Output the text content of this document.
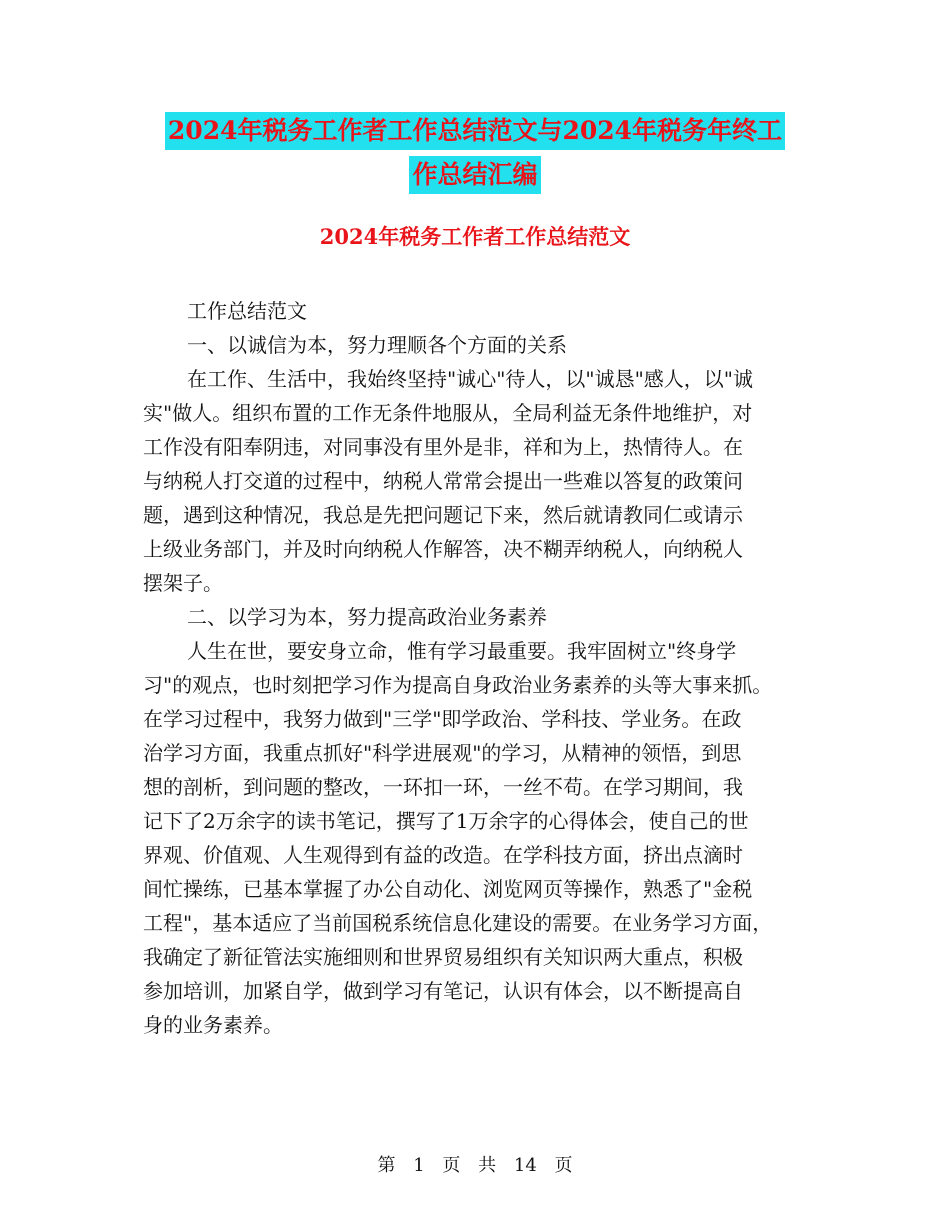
2024年税务工作者工作总结范文与2024年税务年终工
作总结汇编
2024年税务工作者工作总结范文

工作总结范文

一、以诚信为本，努力理顺各个方面的关系

在工作、生活中，我始终坚持"诚心"待人，以"诚恳"感人，以"诚
实"做人。组织布置的工作无条件地服从，全局利益无条件地维护，对
工作没有阳奉阴违，对同事没有里外是非，祥和为上，热情待人。在
与纳税人打交道的过程中，纳税人常常会提出一些难以答复的政策问
题，遇到这种情况，我总是先把问题记下来，然后就请教同仁或请示
上级业务部门，并及时向纳税人作解答，决不糊弄纳税人，向纳税人
摆架子。

二、以学习为本，努力提高政治业务素养

人生在世，要安身立命，惟有学习最重要。我牢固树立"终身学
习"的观点，也时刻把学习作为提高自身政治业务素养的头等大事来抓。
在学习过程中，我努力做到"三学"即学政治、学科技、学业务。在政
治学习方面，我重点抓好"科学进展观"的学习，从精神的领悟，到思
想的剖析，到问题的整改，一环扣一环，一丝不苟。在学习期间，我
记下了2万余字的读书笔记，撰写了1万余字的心得体会，使自己的世
界观、价值观、人生观得到有益的改造。在学科技方面，挤出点滴时
间忙操练，已基本掌握了办公自动化、浏览网页等操作，熟悉了"金税
工程"，基本适应了当前国税系统信息化建设的需要。在业务学习方面，
我确定了新征管法实施细则和世界贸易组织有关知识两大重点，积极
参加培训，加紧自学，做到学习有笔记，认识有体会，以不断提高自
身的业务素养。

第 1 页 共 14 页
